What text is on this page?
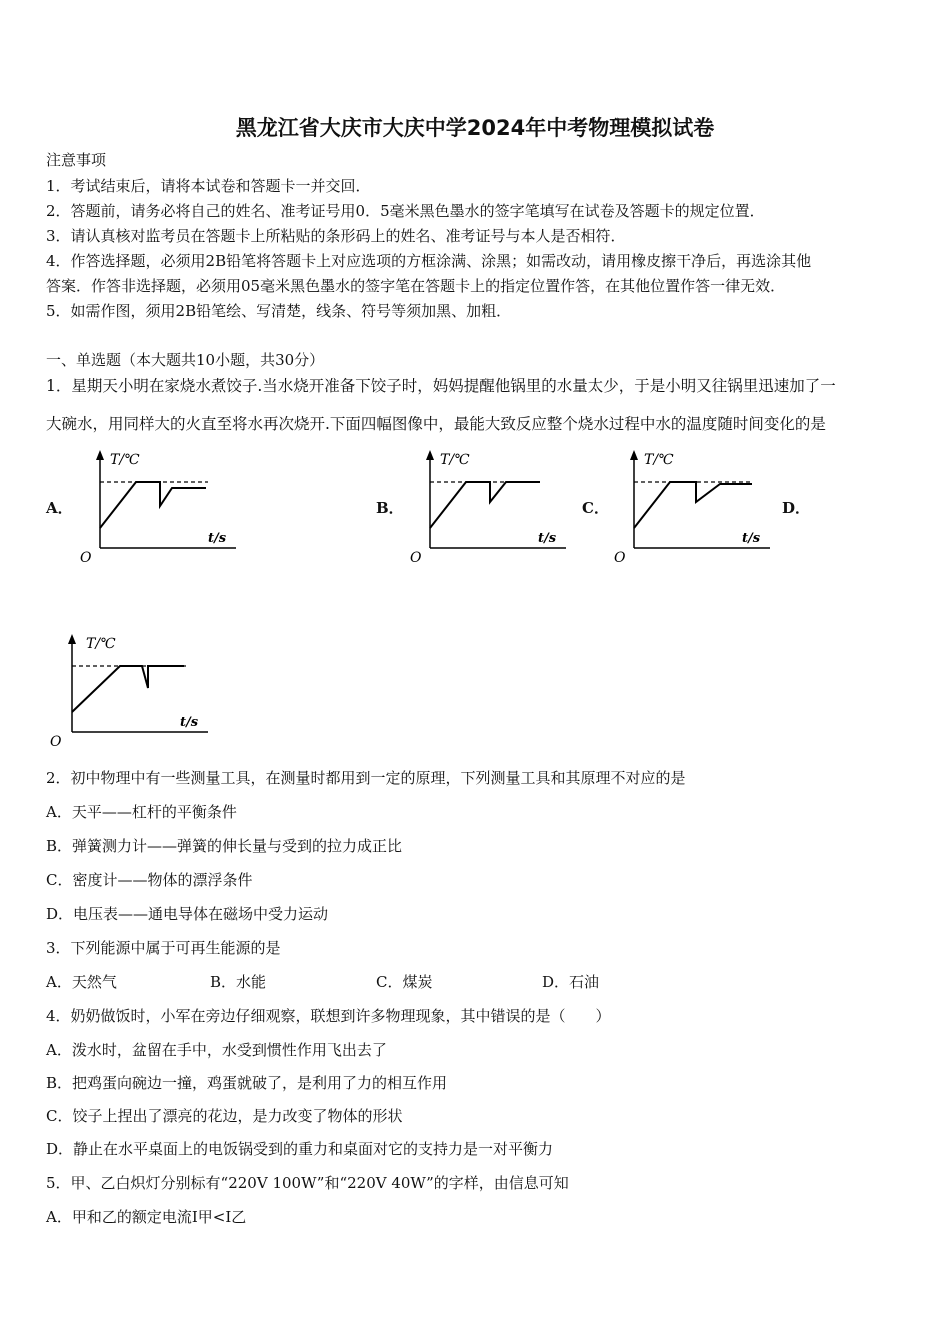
黑龙江省大庆市大庆中学2024年中考物理模拟试卷
注意事项
1．考试结束后，请将本试卷和答题卡一并交回．
2．答题前，请务必将自己的姓名、准考证号用0．5毫米黑色墨水的签字笔填写在试卷及答题卡的规定位置．
3．请认真核对监考员在答题卡上所粘贴的条形码上的姓名、准考证号与本人是否相符．
4．作答选择题，必须用2B铅笔将答题卡上对应选项的方框涂满、涂黑；如需改动，请用橡皮擦干净后，再选涂其他
答案．作答非选择题，必须用05毫米黑色墨水的签字笔在答题卡上的指定位置作答，在其他位置作答一律无效．
5．如需作图，须用2B铅笔绘、写清楚，线条、符号等须加黑、加粗．
一、单选题（本大题共10小题，共30分）
1．星期天小明在家烧水煮饺子.当水烧开准备下饺子时，妈妈提醒他锅里的水量太少，于是小明又往锅里迅速加了一
大碗水，用同样大的火直至将水再次烧开.下面四幅图像中，最能大致反应整个烧水过程中水的温度随时间变化的是
A．	B．	C．	D．
T/℃
t/s
O
T/℃
t/s
O
T/℃
t/s
O
T/℃
t/s
O
2．初中物理中有一些测量工具，在测量时都用到一定的原理，下列测量工具和其原理不对应的是
A．天平——杠杆的平衡条件
B．弹簧测力计——弹簧的伸长量与受到的拉力成正比
C．密度计——物体的漂浮条件
D．电压表——通电导体在磁场中受力运动
3．下列能源中属于可再生能源的是
A．天然气	B．水能	C．煤炭	D．石油
4．奶奶做饭时，小军在旁边仔细观察，联想到许多物理现象，其中错误的是（　　）
A．泼水时，盆留在手中，水受到惯性作用飞出去了
B．把鸡蛋向碗边一撞，鸡蛋就破了，是利用了力的相互作用
C．饺子上捏出了漂亮的花边，是力改变了物体的形状
D．静止在水平桌面上的电饭锅受到的重力和桌面对它的支持力是一对平衡力
5．甲、乙白炽灯分别标有“220V 100W”和“220V 40W”的字样，由信息可知
A．甲和乙的额定电流I甲<I乙
